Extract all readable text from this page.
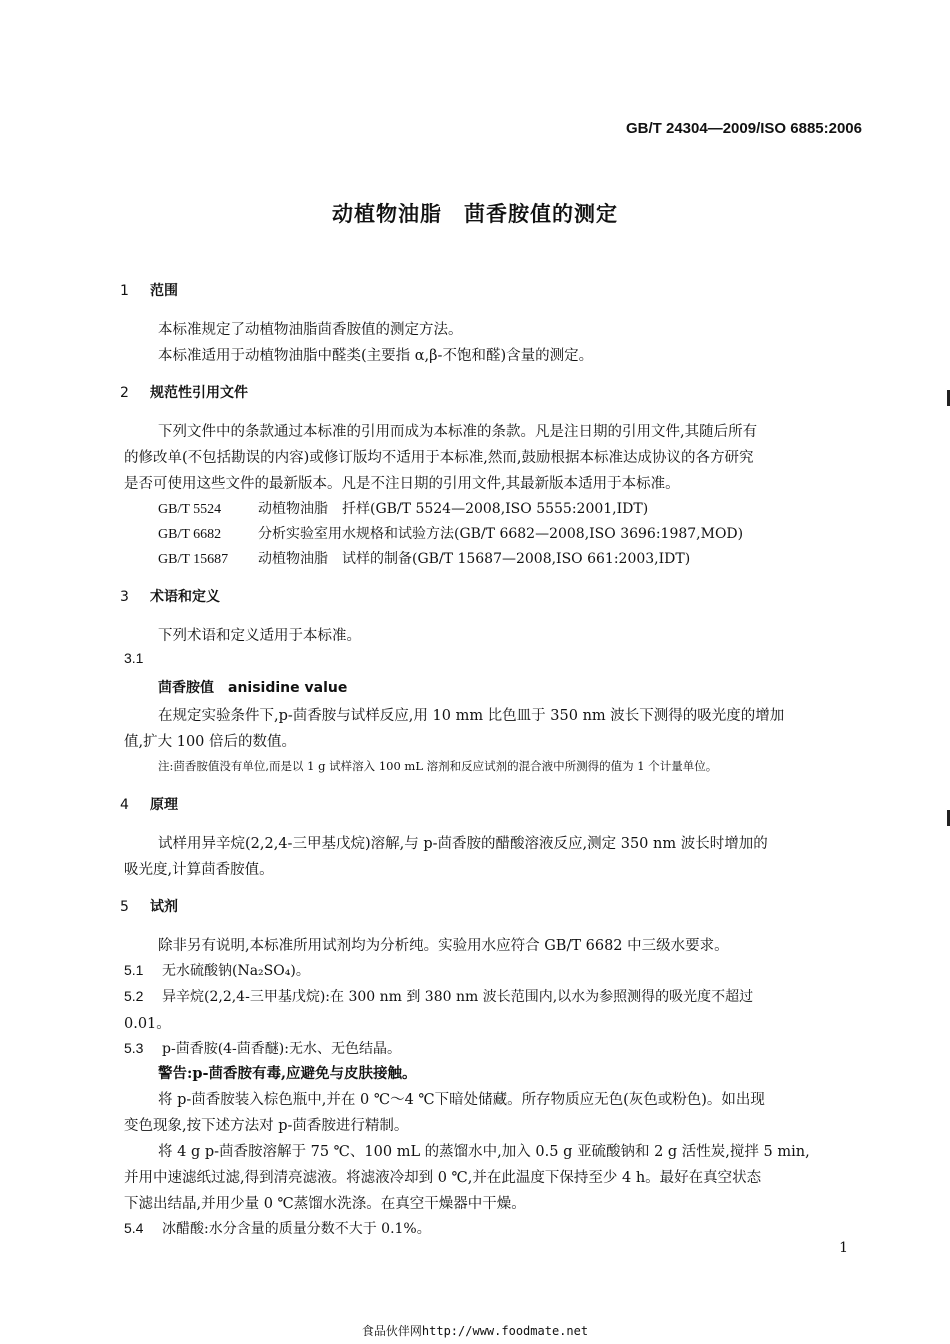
GB/T 24304—2009/ISO 6885:2006
动植物油脂　茴香胺值的测定
1 范围
本标准规定了动植物油脂茴香胺值的测定方法。
本标准适用于动植物油脂中醛类(主要指 α,β-不饱和醛)含量的测定。
2 规范性引用文件
下列文件中的条款通过本标准的引用而成为本标准的条款。凡是注日期的引用文件,其随后所有
的修改单(不包括勘误的内容)或修订版均不适用于本标准,然而,鼓励根据本标准达成协议的各方研究
是否可使用这些文件的最新版本。凡是不注日期的引用文件,其最新版本适用于本标准。
GB/T 5524	动植物油脂　扦样(GB/T 5524—2008,ISO 5555:2001,IDT)
GB/T 6682	分析实验室用水规格和试验方法(GB/T 6682—2008,ISO 3696:1987,MOD)
GB/T 15687 动植物油脂　试样的制备(GB/T 15687—2008,ISO 661:2003,IDT)
3 术语和定义
下列术语和定义适用于本标准。
3.1
茴香胺值　anisidine value
在规定实验条件下,p-茴香胺与试样反应,用 10 mm 比色皿于 350 nm 波长下测得的吸光度的增加
值,扩大 100 倍后的数值。
注:茴香胺值没有单位,而是以 1 g 试样溶入 100 mL 溶剂和反应试剂的混合液中所测得的值为 1 个计量单位。
4 原理
试样用异辛烷(2,2,4-三甲基戊烷)溶解,与 p-茴香胺的醋酸溶液反应,测定 350 nm 波长时增加的
吸光度,计算茴香胺值。
5 试剂
除非另有说明,本标准所用试剂均为分析纯。实验用水应符合 GB/T 6682 中三级水要求。
5.1 无水硫酸钠(Na₂SO₄)。
5.2 异辛烷(2,2,4-三甲基戊烷):在 300 nm 到 380 nm 波长范围内,以水为参照测得的吸光度不超过
0.01。
5.3 p-茴香胺(4-茴香醚):无水、无色结晶。
警告:p-茴香胺有毒,应避免与皮肤接触。
将 p-茴香胺装入棕色瓶中,并在 0 ℃～4 ℃下暗处储藏。所存物质应无色(灰色或粉色)。如出现
变色现象,按下述方法对 p-茴香胺进行精制。
将 4 g p-茴香胺溶解于 75 ℃、100 mL 的蒸馏水中,加入 0.5 g 亚硫酸钠和 2 g 活性炭,搅拌 5 min,
并用中速滤纸过滤,得到清亮滤液。将滤液冷却到 0 ℃,并在此温度下保持至少 4 h。最好在真空状态
下滤出结晶,并用少量 0 ℃蒸馏水洗涤。在真空干燥器中干燥。
5.4 冰醋酸:水分含量的质量分数不大于 0.1%。
1
食品伙伴网http://www.foodmate.net
